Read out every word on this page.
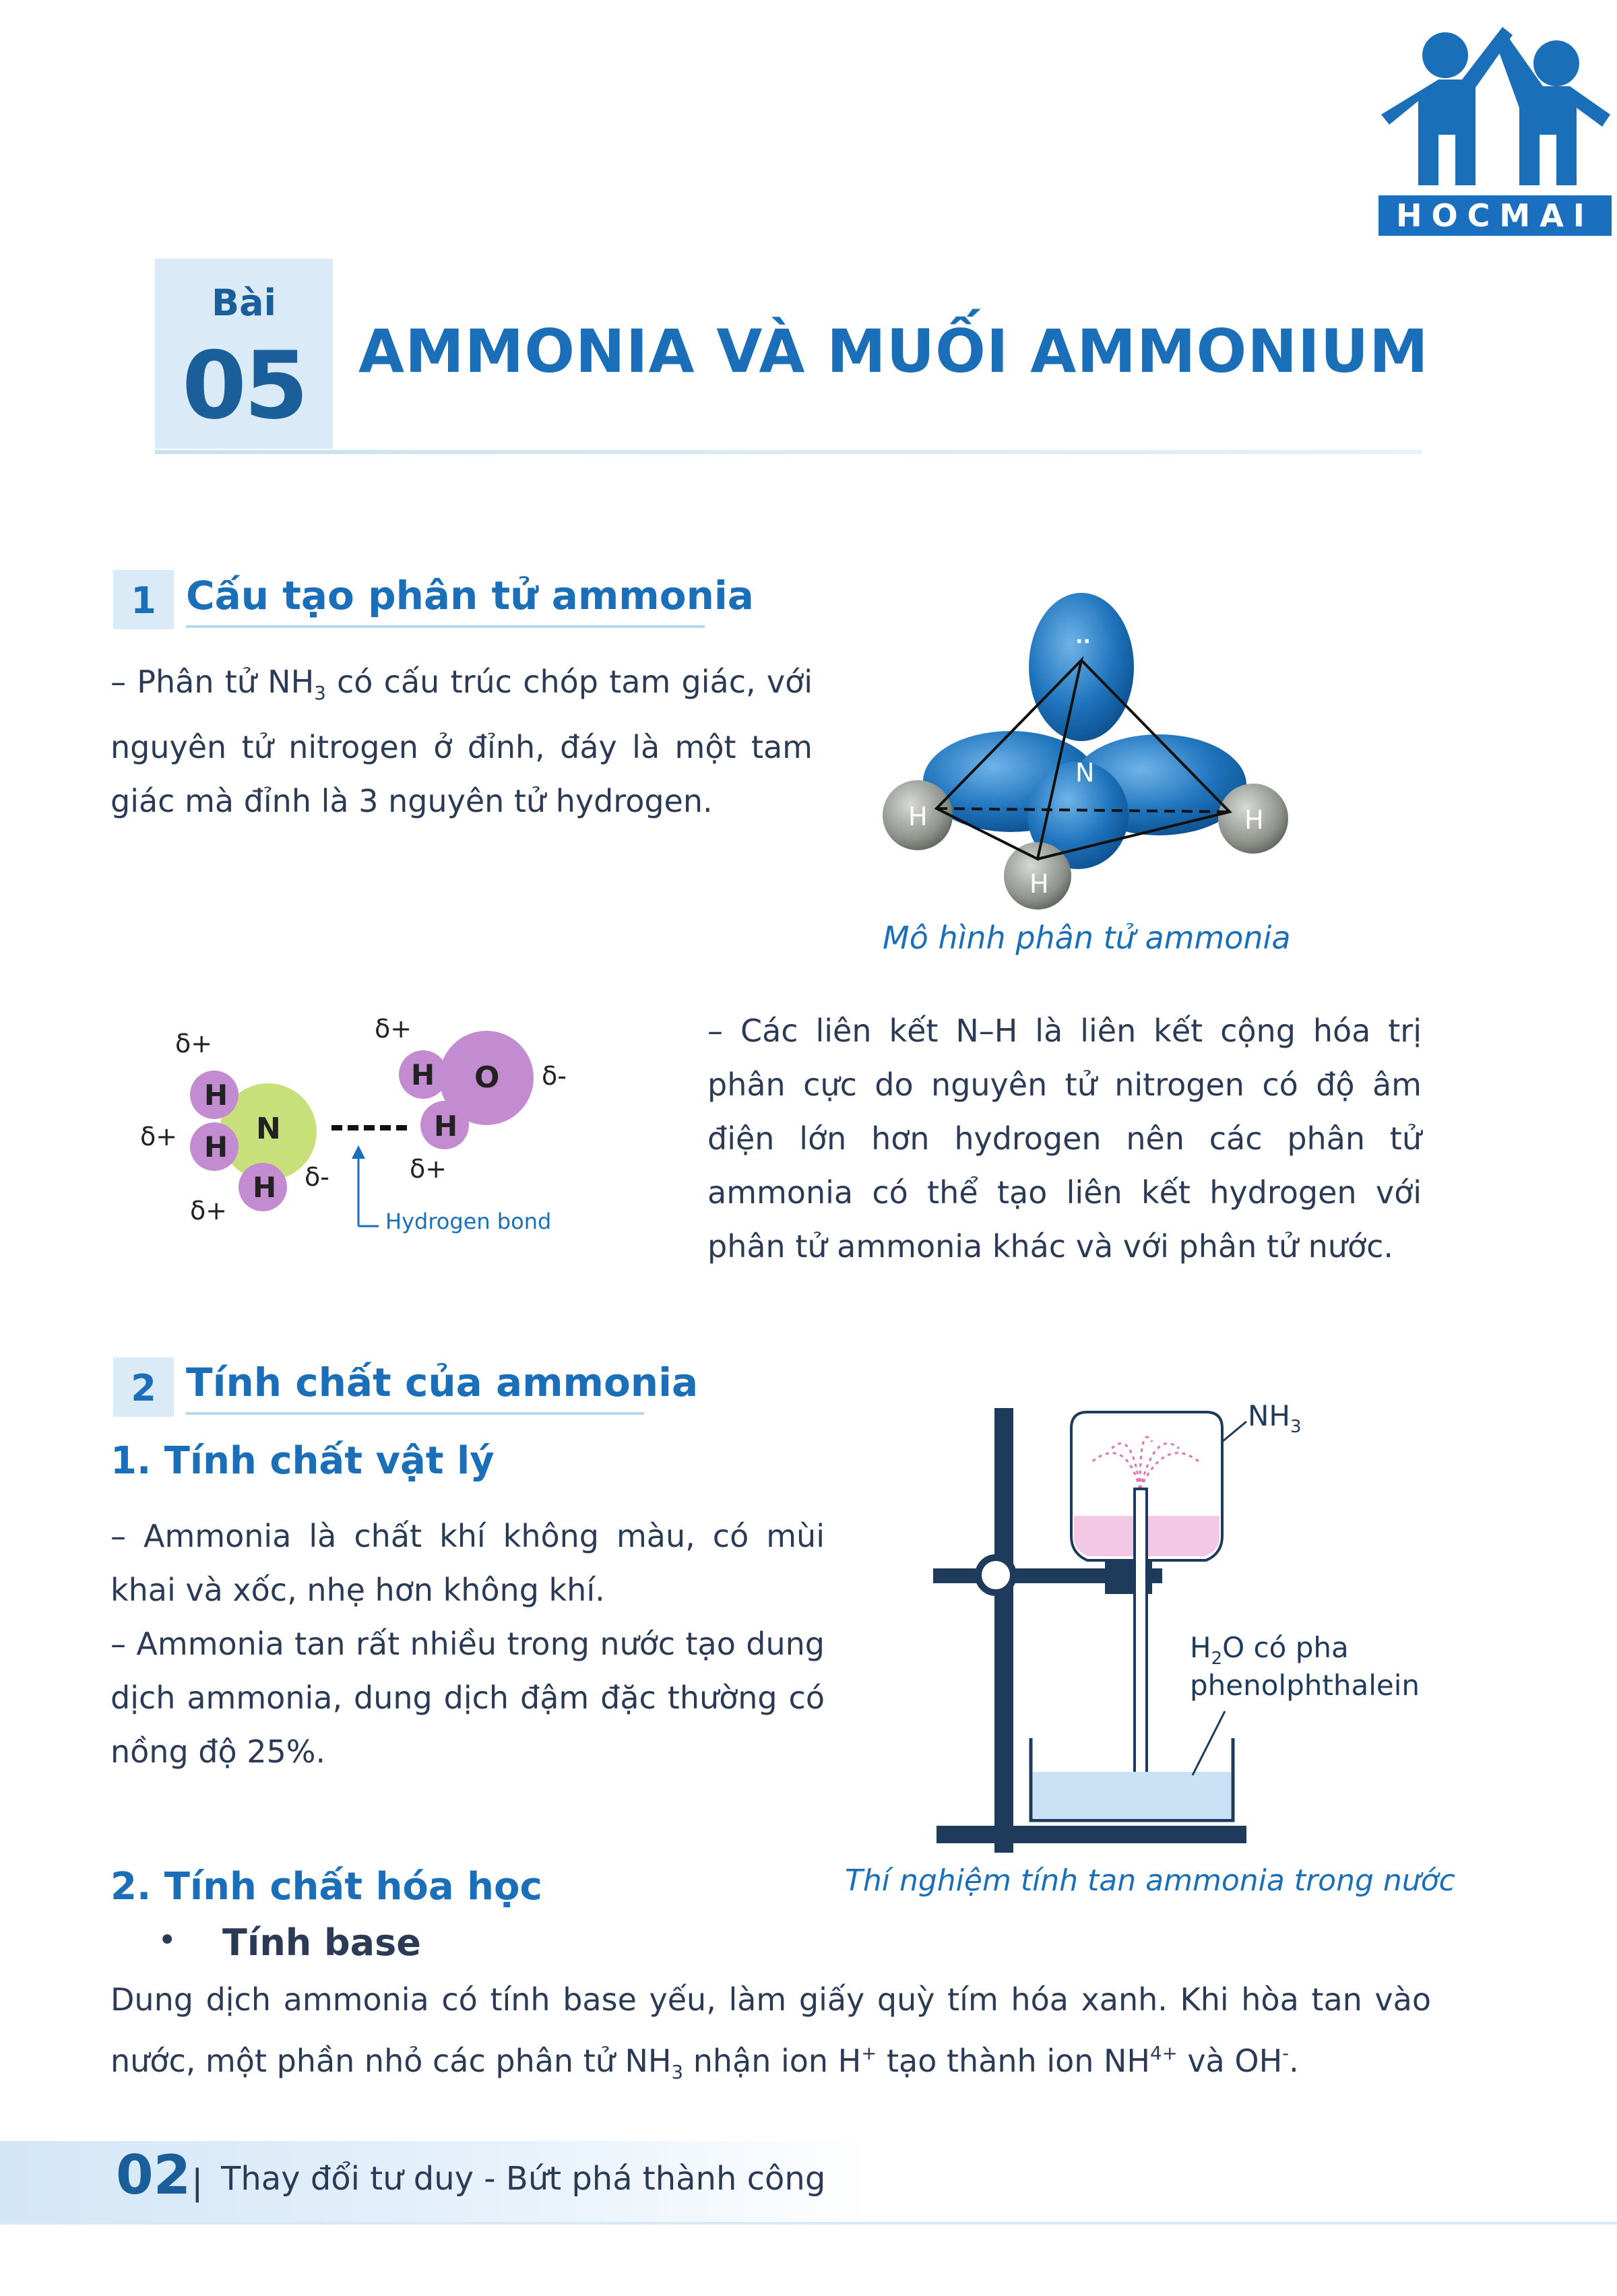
HOCMAI
Bài
05 AMMONIA VÀ MUỐI AMMONIUM
1 Cấu tạo phân tử ammonia
– Phân tử $NH_3$ có cấu trúc chóp tam giác, với nguyên tử nitrogen ở đỉnh, đáy là một tam giác mà đỉnh là 3 nguyên tử hydrogen.
··
N
H	H
H
Mô hình phân tử ammonia
H
H
H
N
H O
H
δ+
δ+
δ+
δ-
δ+
δ-
δ+
Hydrogen bond
– Các liên kết N–H là liên kết cộng hóa trị phân cực do nguyên tử nitrogen có độ âm điện lớn hơn hydrogen nên các phân tử ammonia có thể tạo liên kết hydrogen với phân tử ammonia khác và với phân tử nước.
2 Tính chất của ammonia
1. Tính chất vật lý
– Ammonia là chất khí không màu, có mùi khai và xốc, nhẹ hơn không khí.
– Ammonia tan rất nhiều trong nước tạo dung dịch ammonia, dung dịch đậm đặc thường có nồng độ 25%.
$NH_3$
$H_2O$ có pha
phenolphthalein
Thí nghiệm tính tan ammonia trong nước
2. Tính chất hóa học
• Tính base
Dung dịch ammonia có tính base yếu, làm giấy quỳ tím hóa xanh. Khi hòa tan vào nước, một phần nhỏ các phân tử $NH_3$ nhận ion H+ tạo thành ion $NH^{4+}$ và OH-.
02 | Thay đổi tư duy - Bứt phá thành công
